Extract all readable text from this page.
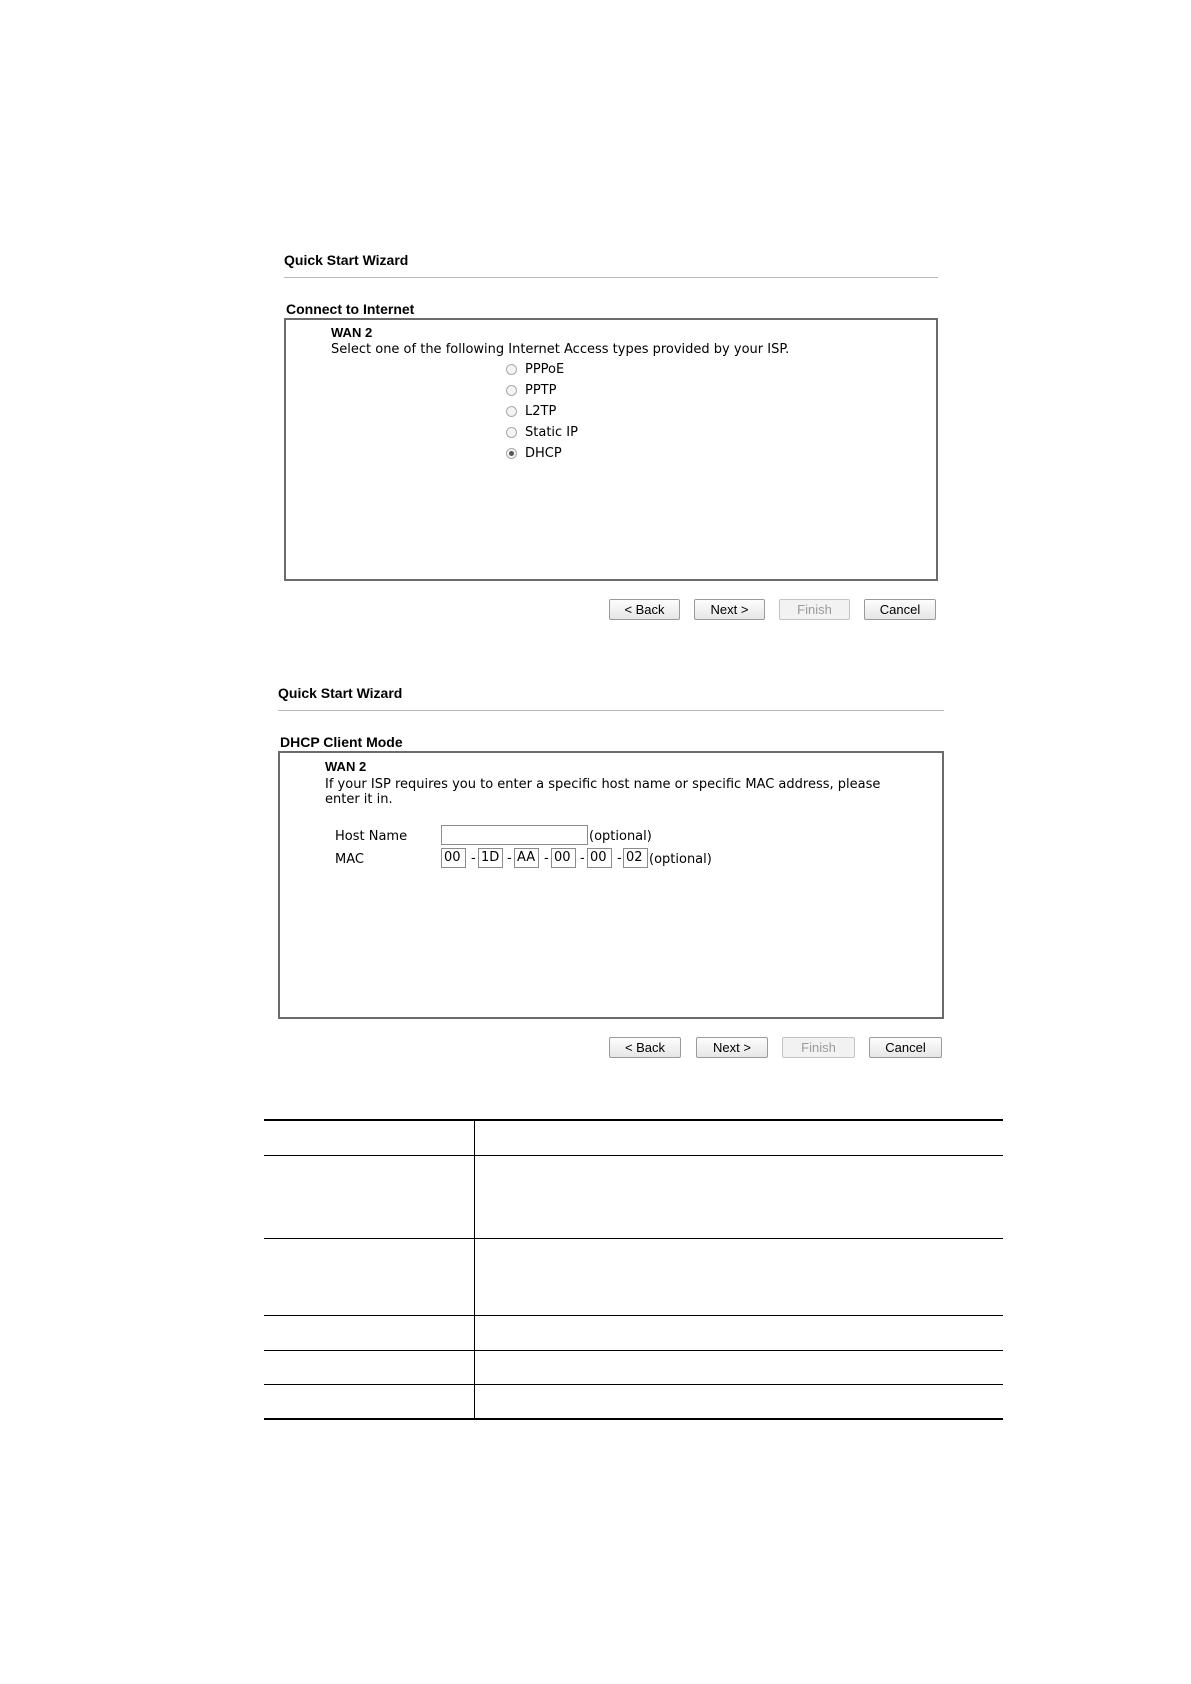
Quick Start Wizard
Connect to Internet
WAN 2
Select one of the following Internet Access types provided by your ISP.
PPPoE
PPTP
L2TP
Static IP
DHCP
< Back	Next >	Finish	Cancel
Quick Start Wizard
DHCP Client Mode
WAN 2
If your ISP requires you to enter a specific host name or specific MAC address, please
enter it in.
Host Name	(optional)
MAC	00 - 1D - AA - 00 - 00 - 02 (optional)
< Back	Next >	Finish	Cancel
